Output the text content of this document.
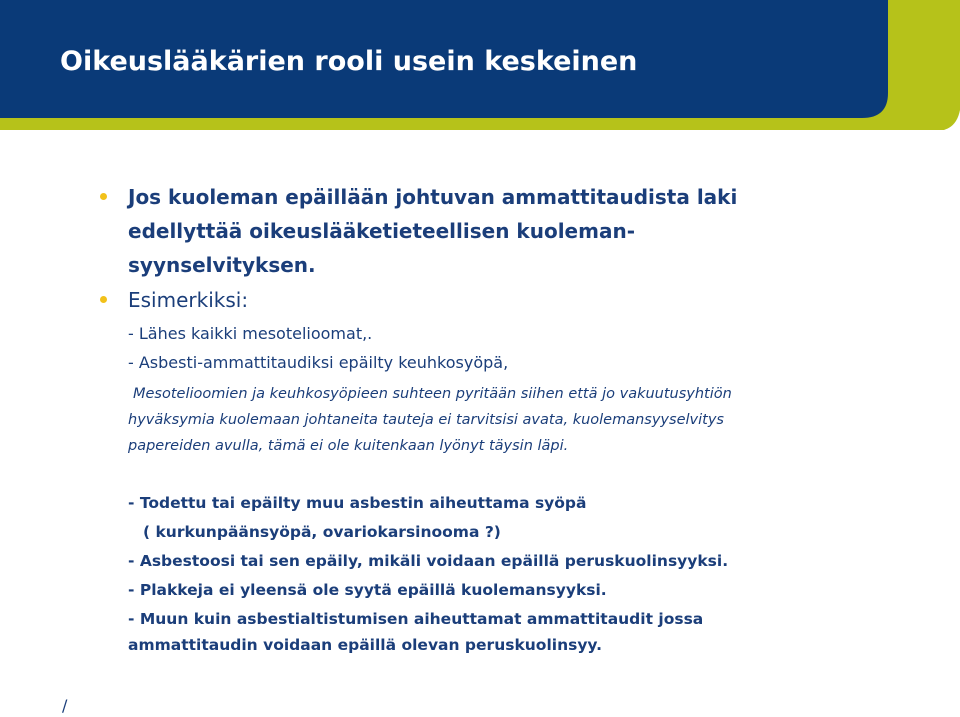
Oikeuslääkärien rooli usein keskeinen
Jos kuoleman epäillään johtuvan ammattitaudista laki
edellyttää oikeuslääketieteellisen kuoleman-
syynselvityksen.
Esimerkiksi:
- Lähes kaikki mesotelioomat,.
- Asbesti-ammattitaudiksi epäilty keuhkosyöpä,
Mesotelioomien ja keuhkosyöpieen suhteen pyritään siihen että jo vakuutusyhtiön
hyväksymia kuolemaan johtaneita tauteja ei tarvitsisi avata, kuolemansyyselvitys
papereiden avulla, tämä ei ole kuitenkaan lyönyt täysin läpi.
- Todettu tai epäilty muu asbestin aiheuttama syöpä
( kurkunpäänsyöpä, ovariokarsinooma ?)
- Asbestoosi tai sen epäily, mikäli voidaan epäillä peruskuolinsyyksi.
- Plakkeja ei yleensä ole syytä epäillä kuolemansyyksi.
- Muun kuin asbestialtistumisen aiheuttamat ammattitaudit jossa
ammattitaudin voidaan epäillä olevan peruskuolinsyy.
/
